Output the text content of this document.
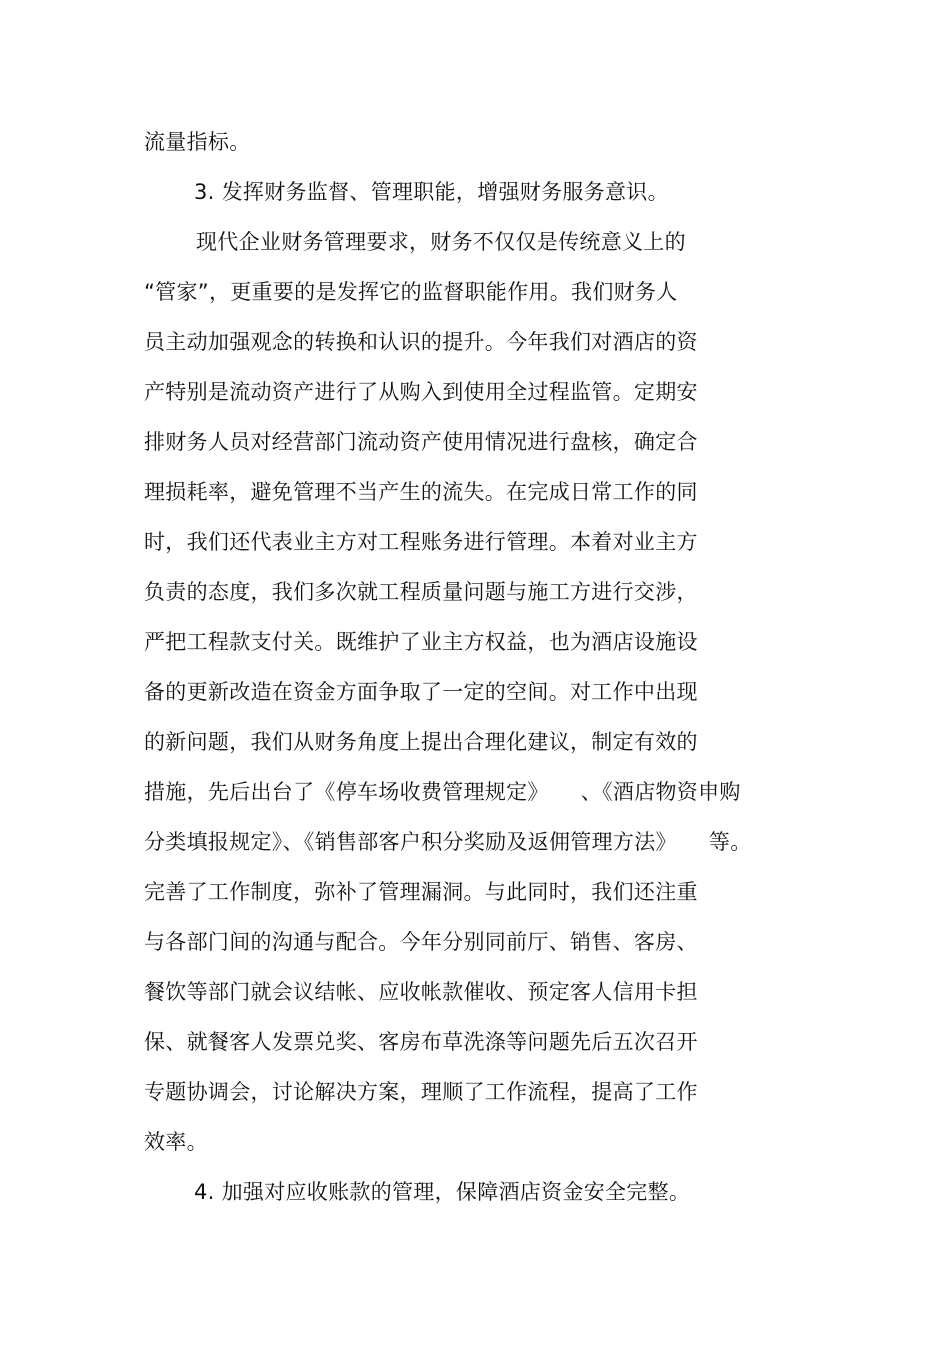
流量指标。
3. 发挥财务监督、管理职能，增强财务服务意识。
现代企业财务管理要求，财务不仅仅是传统意义上的
“管家”，更重要的是发挥它的监督职能作用。我们财务人
员主动加强观念的转换和认识的提升。今年我们对酒店的资
产特别是流动资产进行了从购入到使用全过程监管。定期安
排财务人员对经营部门流动资产使用情况进行盘核，确定合
理损耗率，避免管理不当产生的流失。在完成日常工作的同
时，我们还代表业主方对工程账务进行管理。本着对业主方
负责的态度，我们多次就工程质量问题与施工方进行交涉，
严把工程款支付关。既维护了业主方权益，也为酒店设施设
备的更新改造在资金方面争取了一定的空间。对工作中出现
的新问题，我们从财务角度上提出合理化建议，制定有效的
措施，先后出台了《停车场收费管理规定》　　、《酒店物资申购
分类填报规定》、《销售部客户积分奖励及返佣管理方法》　　等。
完善了工作制度，弥补了管理漏洞。与此同时，我们还注重
与各部门间的沟通与配合。今年分别同前厅、销售、客房、
餐饮等部门就会议结帐、应收帐款催收、预定客人信用卡担
保、就餐客人发票兑奖、客房布草洗涤等问题先后五次召开
专题协调会，讨论解决方案，理顺了工作流程，提高了工作
效率。
4. 加强对应收账款的管理，保障酒店资金安全完整。
